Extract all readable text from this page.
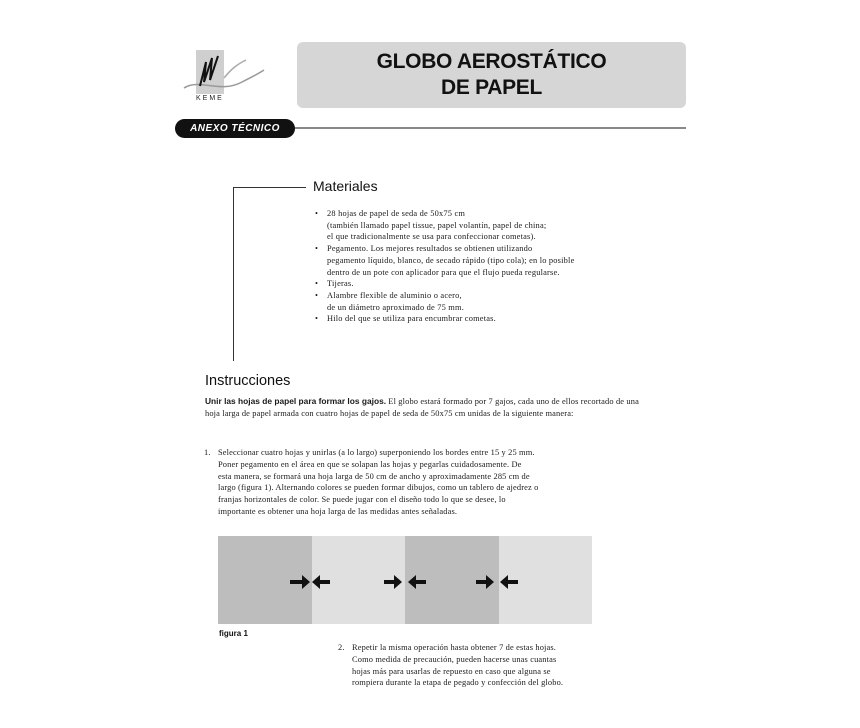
KEME
GLOBO AEROSTÁTICO
DE PAPEL
ANEXO TÉCNICO
Materiales
• 28 hojas de papel de seda de 50x75 cm
(también llamado papel tissue, papel volantín, papel de china;
el que tradicionalmente se usa para confeccionar cometas).
• Pegamento. Los mejores resultados se obtienen utilizando
pegamento líquido, blanco, de secado rápido (tipo cola); en lo posible
dentro de un pote con aplicador para que el flujo pueda regularse.
• Tijeras.
• Alambre flexible de aluminio o acero,
de un diámetro aproximado de 75 mm.
• Hilo del que se utiliza para encumbrar cometas.
Instrucciones
Unir las hojas de papel para formar los gajos. El globo estará formado por 7 gajos, cada uno de ellos recortado de una hoja larga de papel armada con cuatro hojas de papel de seda de 50x75 cm unidas de la siguiente manera:
1. Seleccionar cuatro hojas y unirlas (a lo largo) superponiendo los bordes entre 15 y 25 mm.
Poner pegamento en el área en que se solapan las hojas y pegarlas cuidadosamente. De
esta manera, se formará una hoja larga de 50 cm de ancho y aproximadamente 285 cm de
largo (figura 1). Alternando colores se pueden formar dibujos, como un tablero de ajedrez o
franjas horizontales de color. Se puede jugar con el diseño todo lo que se desee, lo
importante es obtener una hoja larga de las medidas antes señaladas.
figura 1
2. Repetir la misma operación hasta obtener 7 de estas hojas.
Como medida de precaución, pueden hacerse unas cuantas
hojas más para usarlas de repuesto en caso que alguna se
rompiera durante la etapa de pegado y confección del globo.
